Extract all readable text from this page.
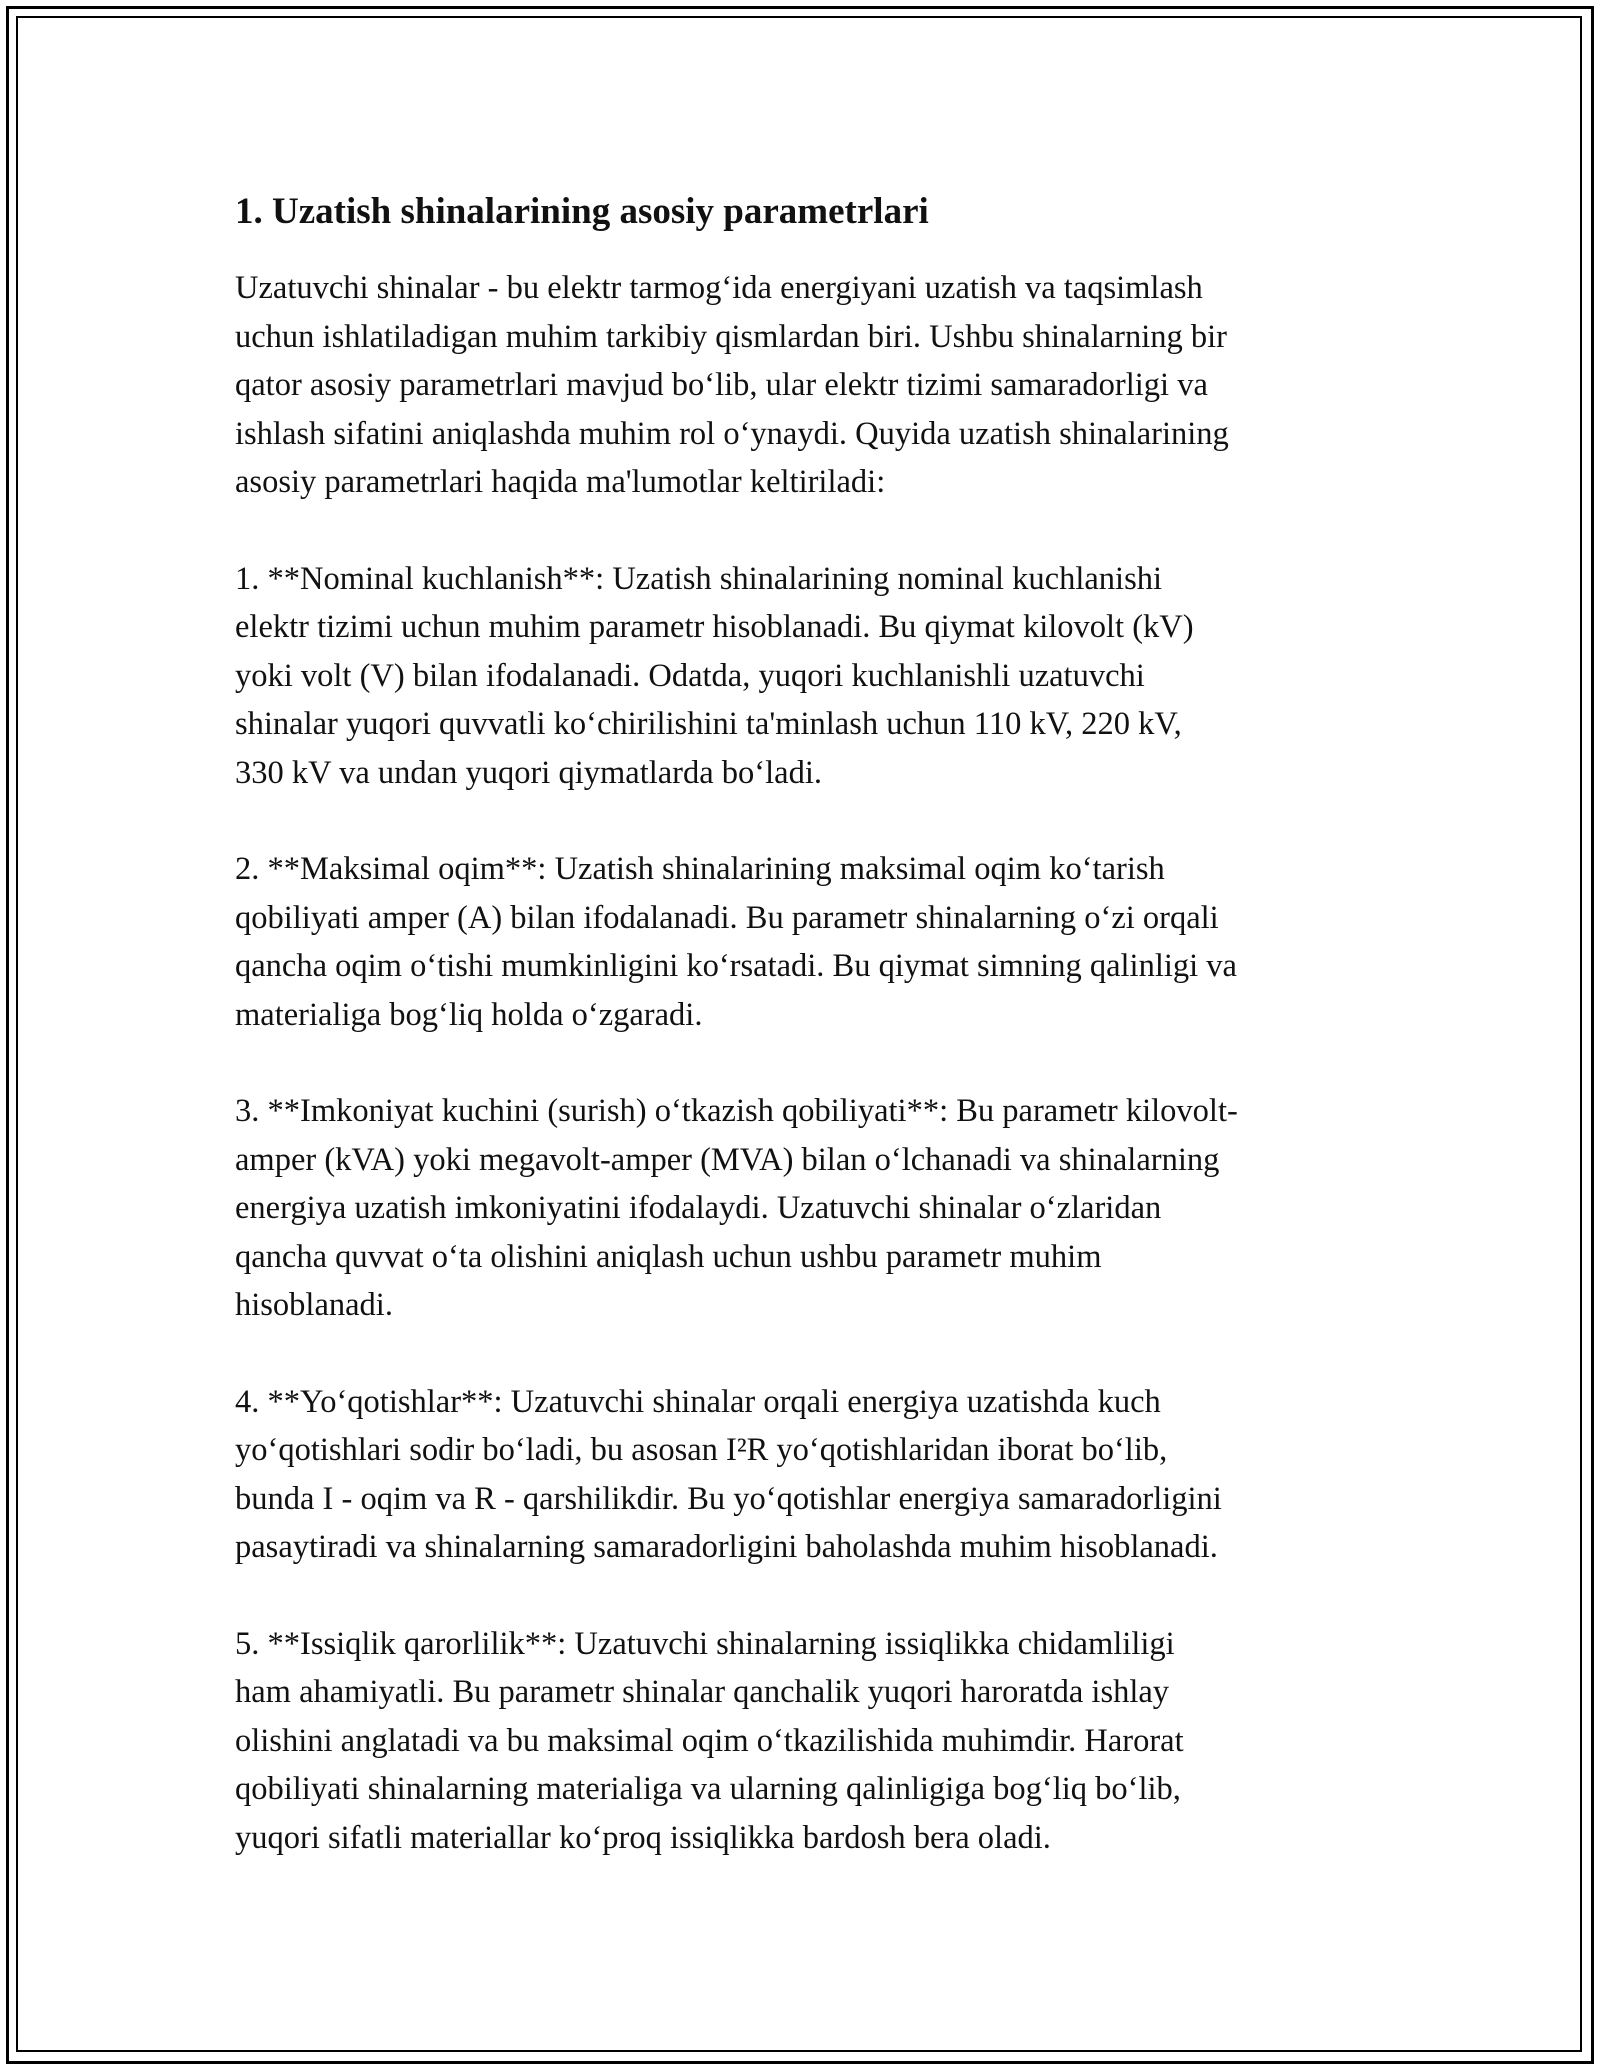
1. Uzatish shinalarining asosiy parametrlari

Uzatuvchi shinalar - bu elektr tarmog‘ida energiyani uzatish va taqsimlash
uchun ishlatiladigan muhim tarkibiy qismlardan biri. Ushbu shinalarning bir
qator asosiy parametrlari mavjud bo‘lib, ular elektr tizimi samaradorligi va
ishlash sifatini aniqlashda muhim rol o‘ynaydi. Quyida uzatish shinalarining
asosiy parametrlari haqida ma'lumotlar keltiriladi:

1. **Nominal kuchlanish**: Uzatish shinalarining nominal kuchlanishi
elektr tizimi uchun muhim parametr hisoblanadi. Bu qiymat kilovolt (kV)
yoki volt (V) bilan ifodalanadi. Odatda, yuqori kuchlanishli uzatuvchi
shinalar yuqori quvvatli ko‘chirilishini ta'minlash uchun 110 kV, 220 kV,
330 kV va undan yuqori qiymatlarda bo‘ladi.

2. **Maksimal oqim**: Uzatish shinalarining maksimal oqim ko‘tarish
qobiliyati amper (A) bilan ifodalanadi. Bu parametr shinalarning o‘zi orqali
qancha oqim o‘tishi mumkinligini ko‘rsatadi. Bu qiymat simning qalinligi va
materialiga bog‘liq holda o‘zgaradi.

3. **Imkoniyat kuchini (surish) o‘tkazish qobiliyati**: Bu parametr kilovolt-
amper (kVA) yoki megavolt-amper (MVA) bilan o‘lchanadi va shinalarning
energiya uzatish imkoniyatini ifodalaydi. Uzatuvchi shinalar o‘zlaridan
qancha quvvat o‘ta olishini aniqlash uchun ushbu parametr muhim
hisoblanadi.

4. **Yo‘qotishlar**: Uzatuvchi shinalar orqali energiya uzatishda kuch
yo‘qotishlari sodir bo‘ladi, bu asosan I²R yo‘qotishlaridan iborat bo‘lib,
bunda I - oqim va R - qarshilikdir. Bu yo‘qotishlar energiya samaradorligini
pasaytiradi va shinalarning samaradorligini baholashda muhim hisoblanadi.

5. **Issiqlik qarorlilik**: Uzatuvchi shinalarning issiqlikka chidamliligi
ham ahamiyatli. Bu parametr shinalar qanchalik yuqori haroratda ishlay
olishini anglatadi va bu maksimal oqim o‘tkazilishida muhimdir. Harorat
qobiliyati shinalarning materialiga va ularning qalinligiga bog‘liq bo‘lib,
yuqori sifatli materiallar ko‘proq issiqlikka bardosh bera oladi.
